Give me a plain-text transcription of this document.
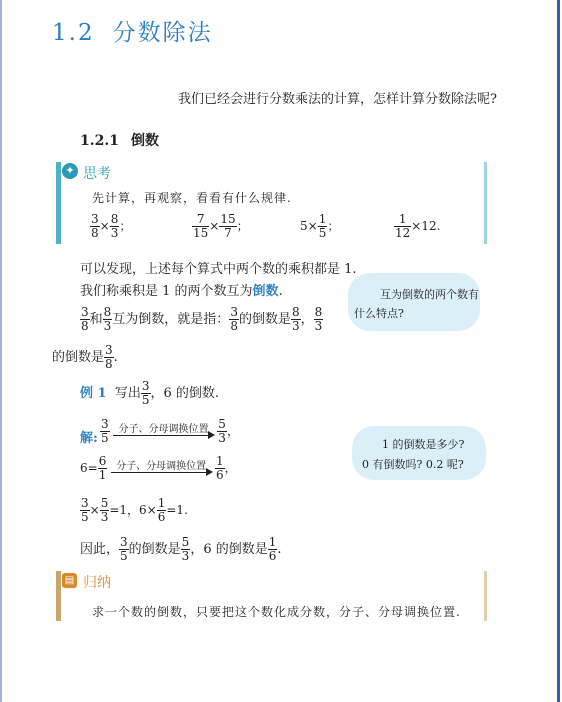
1.2 分数除法
我们已经会进行分数乘法的计算，怎样计算分数除法呢?
1.2.1 倒数
✦ 思考
先计算，再观察，看看有什么规律.
$\frac{3}{8} \times \frac{8}{3}$ ；	$\frac{7}{15} \times \frac{15}{7}$ ；	$5\times \frac{1}{5}$ ；	$\frac{1}{12} \times 12$.
可以发现，上述每个算式中两个数的乘积都是 1.
我们称乘积是 1 的两个数互为倒数.
$\frac{3}{8}$ 和 $\frac{8}{3}$ 互为倒数，就是指： $\frac{3}{8}$ 的倒数是 $\frac{8}{3}$ ， $\frac{8}{3}$
的倒数是 $\frac{3}{8}$ .
互为倒数的两个数有
什么特点?
例 1 写出 $\frac{3}{5}$ ，6 的倒数.
解: $\frac{3}{5}$
分子、分母调换位置
$\frac{5}{3}$ ，
$6= \frac{6}{1}$
分子、分母调换位置
$\frac{1}{6}$ ，
1 的倒数是多少?
0 有倒数吗? 0.2 呢?
$\frac{3}{5} \times \frac{5}{3} =1$，$6\times \frac{1}{6} =1$.
因此， $\frac{3}{5}$ 的倒数是 $\frac{5}{3}$ ，6 的倒数是 $\frac{1}{6}$ .
▤ 归纳
求一个数的倒数，只要把这个数化成分数，分子、分母调换位置.
